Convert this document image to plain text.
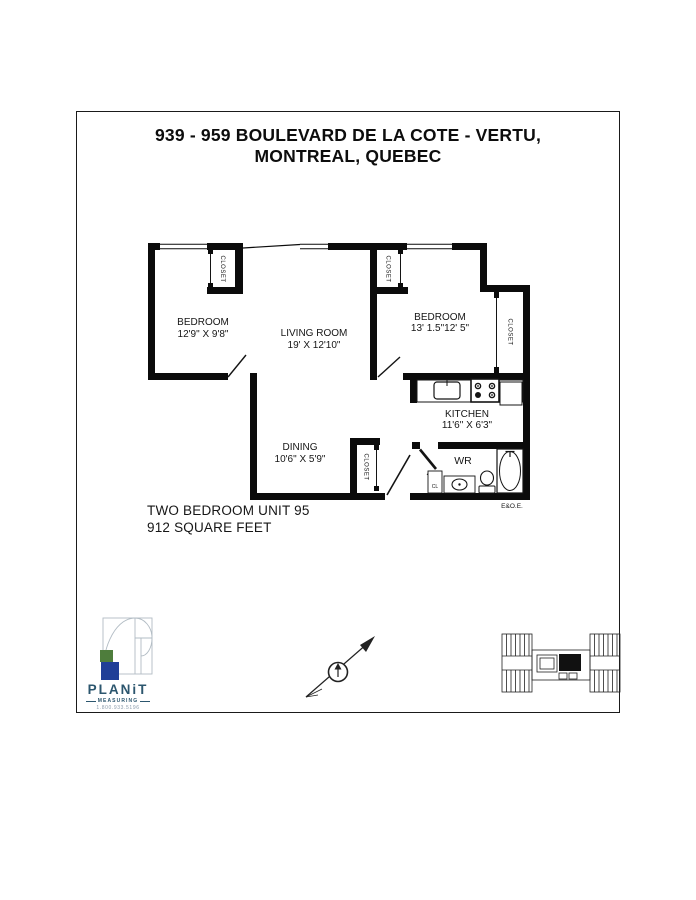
939 - 959 BOULEVARD DE LA COTE - VERTU,
MONTREAL, QUEBEC
BEDROOM
12'9" X 9'8"	LIVING ROOM
19' X 12'10"
BEDROOM
13' 1.5"12' 5"
KITCHEN
11'6" X 6'3"
DINING
10'6" X 5'9"	WR
CL
CLOSET	CLOSET
CLOSET
CLOSET
E&O.E.
TWO BEDROOM UNIT 95
912 SQUARE FEET
PLANiT
MEASURING
1.800.933.5196
